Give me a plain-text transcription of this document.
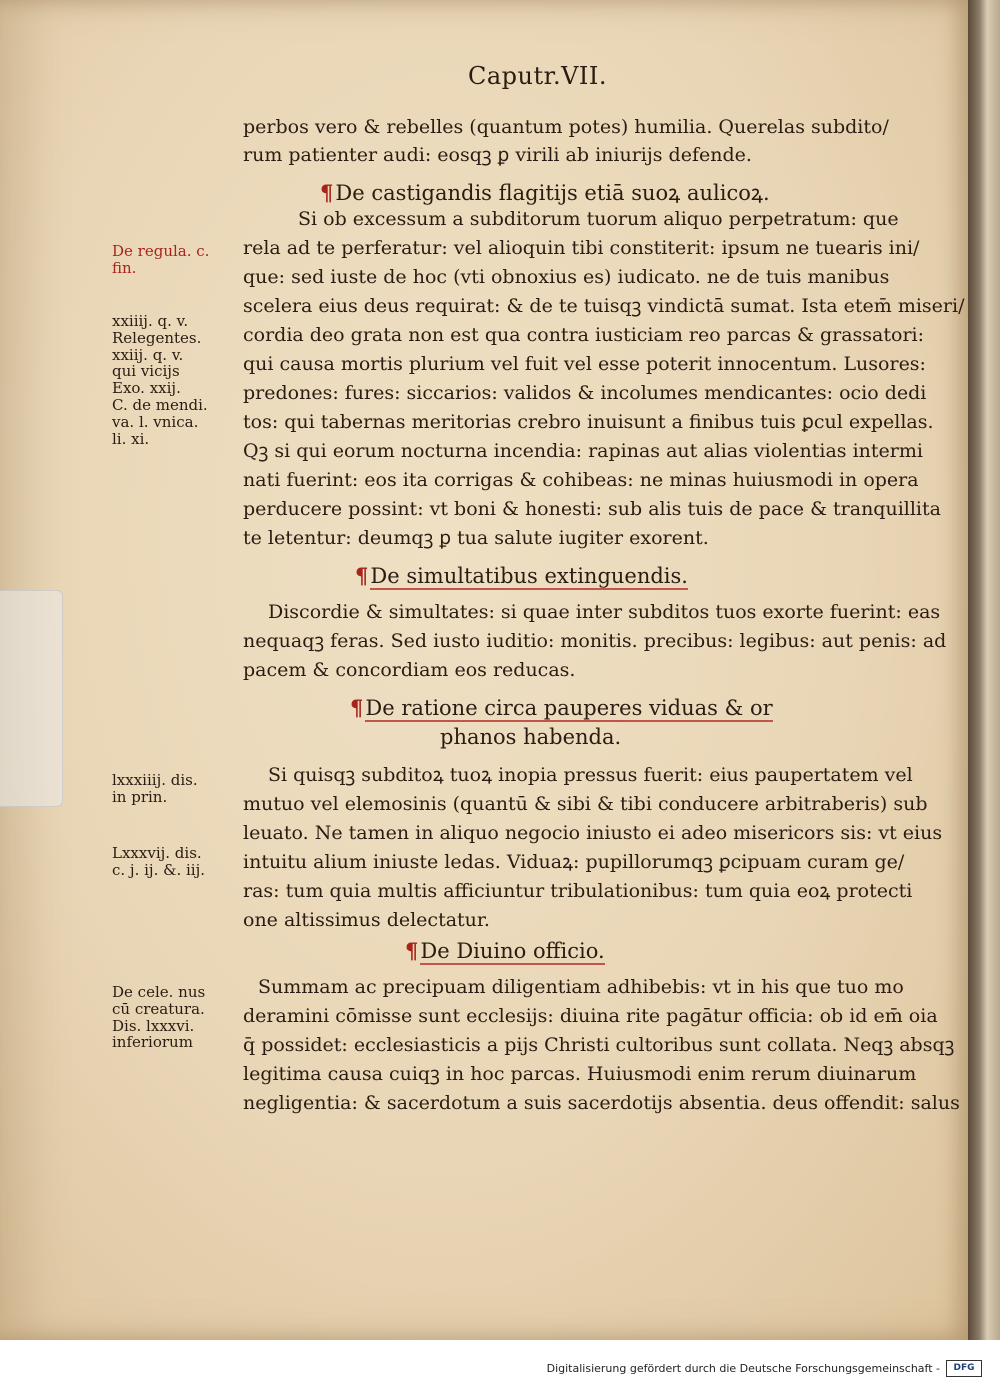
Caputr.VII.
perbos vero & rebelles (quantum potes) humilia. Querelas subdito/
rum patienter audi: eosqꝫ ꝑ virili ab iniurijs defende.
¶De castigandis flagitijs etiā suoꝝ aulicoꝝ.
De regula. c.
fin.
xxiiij. q. v.
Relegentes.
xxiij. q. v.
qui vicijs
Exo. xxij.
C. de mendi.
va. l. vnica.
li. xi.
lxxxiiij. dis.
in prin.
Lxxxvij. dis.
c. j. ij. &. iij.
De cele. nus
cū creatura.
Dis. lxxxvi.
inferiorum
Si ob excessum a subditorum tuorum aliquo perpetratum: que
rela ad te perferatur: vel alioquin tibi constiterit: ipsum ne tuearis ini/
que: sed iuste de hoc (vti obnoxius es) iudicato. ne de tuis manibus
scelera eius deus requirat: & de te tuisqꝫ vindictā sumat. Ista etem̄ miseri/
cordia deo grata non est qua contra iusticiam reo parcas & grassatori:
qui causa mortis plurium vel fuit vel esse poterit innocentum. Lusores:
predones: fures: siccarios: validos & incolumes mendicantes: ocio dedi
tos: qui tabernas meritorias crebro inuisunt a finibus tuis ꝑcul expellas.
Qꝫ si qui eorum nocturna incendia: rapinas aut alias violentias intermi
nati fuerint: eos ita corrigas & cohibeas: ne minas huiusmodi in opera
perducere possint: vt boni & honesti: sub alis tuis de pace & tranquillita
te letentur: deumqꝫ ꝑ tua salute iugiter exorent.
¶De simultatibus extinguendis.
Discordie & simultates: si quae inter subditos tuos exorte fuerint: eas
nequaqꝫ feras. Sed iusto iuditio: monitis. precibus: legibus: aut penis: ad
pacem & concordiam eos reducas.
¶De ratione circa pauperes viduas & or
phanos habenda.
Si quisqꝫ subditoꝝ tuoꝝ inopia pressus fuerit: eius paupertatem vel
mutuo vel elemosinis (quantū & sibi & tibi conducere arbitraberis) sub
leuato. Ne tamen in aliquo negocio iniusto ei adeo misericors sis: vt eius
intuitu alium iniuste ledas. Viduaꝝ: pupillorumqꝫ ꝑcipuam curam ge/
ras: tum quia multis afficiuntur tribulationibus: tum quia eoꝝ protecti
one altissimus delectatur.
¶De Diuino officio.
Summam ac precipuam diligentiam adhibebis: vt in his que tuo mo
deramini cōmisse sunt ecclesijs: diuina rite pagātur officia: ob id em̄ oia
q̄ possidet: ecclesiasticis a pijs Christi cultoribus sunt collata. Neqꝫ absqꝫ
legitima causa cuiqꝫ in hoc parcas. Huiusmodi enim rerum diuinarum
negligentia: & sacerdotum a suis sacerdotijs absentia. deus offendit: salus
Digitalisierung gefördert durch die Deutsche Forschungsgemeinschaft -	DFG
